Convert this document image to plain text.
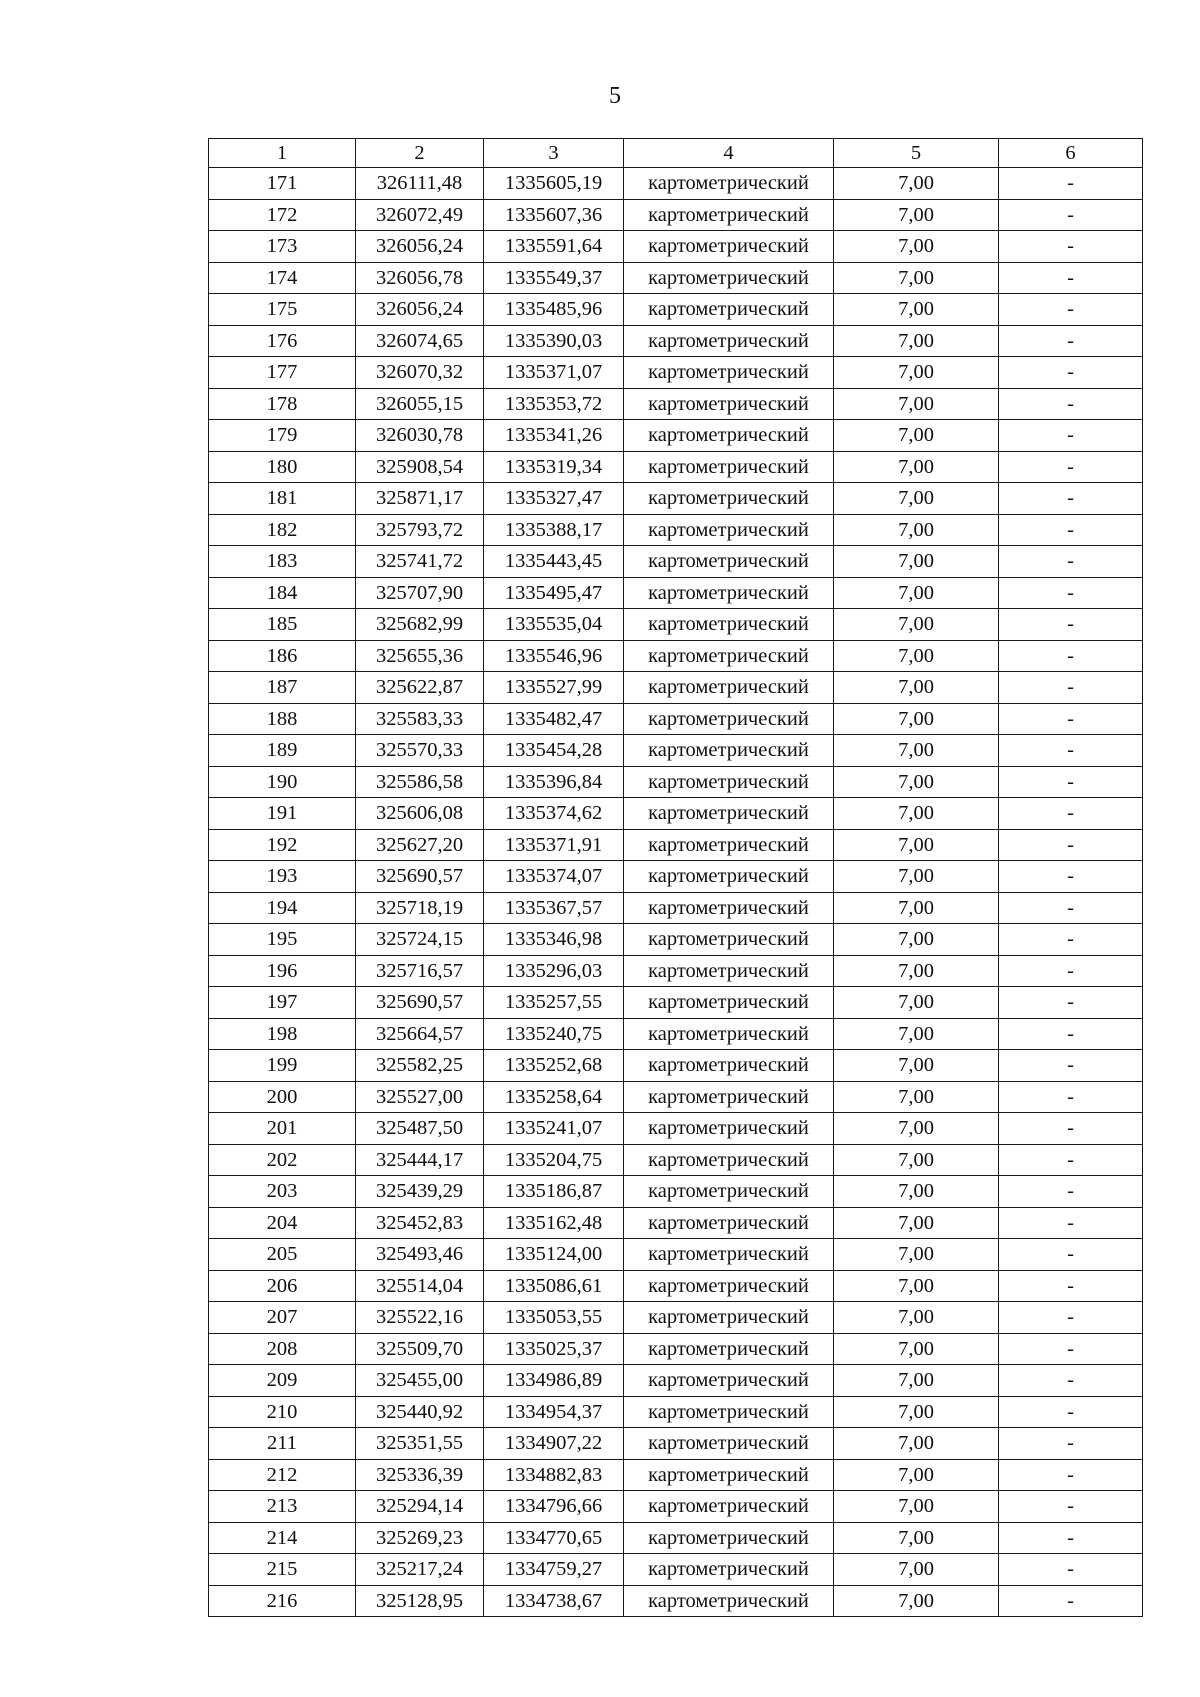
5
1	2	3	4	5	6
171	326111,48	1335605,19	картометрический	7,00	-
172	326072,49	1335607,36	картометрический	7,00	-
173	326056,24	1335591,64	картометрический	7,00	-
174	326056,78	1335549,37	картометрический	7,00	-
175	326056,24	1335485,96	картометрический	7,00	-
176	326074,65	1335390,03	картометрический	7,00	-
177	326070,32	1335371,07	картометрический	7,00	-
178	326055,15	1335353,72	картометрический	7,00	-
179	326030,78	1335341,26	картометрический	7,00	-
180	325908,54	1335319,34	картометрический	7,00	-
181	325871,17	1335327,47	картометрический	7,00	-
182	325793,72	1335388,17	картометрический	7,00	-
183	325741,72	1335443,45	картометрический	7,00	-
184	325707,90	1335495,47	картометрический	7,00	-
185	325682,99	1335535,04	картометрический	7,00	-
186	325655,36	1335546,96	картометрический	7,00	-
187	325622,87	1335527,99	картометрический	7,00	-
188	325583,33	1335482,47	картометрический	7,00	-
189	325570,33	1335454,28	картометрический	7,00	-
190	325586,58	1335396,84	картометрический	7,00	-
191	325606,08	1335374,62	картометрический	7,00	-
192	325627,20	1335371,91	картометрический	7,00	-
193	325690,57	1335374,07	картометрический	7,00	-
194	325718,19	1335367,57	картометрический	7,00	-
195	325724,15	1335346,98	картометрический	7,00	-
196	325716,57	1335296,03	картометрический	7,00	-
197	325690,57	1335257,55	картометрический	7,00	-
198	325664,57	1335240,75	картометрический	7,00	-
199	325582,25	1335252,68	картометрический	7,00	-
200	325527,00	1335258,64	картометрический	7,00	-
201	325487,50	1335241,07	картометрический	7,00	-
202	325444,17	1335204,75	картометрический	7,00	-
203	325439,29	1335186,87	картометрический	7,00	-
204	325452,83	1335162,48	картометрический	7,00	-
205	325493,46	1335124,00	картометрический	7,00	-
206	325514,04	1335086,61	картометрический	7,00	-
207	325522,16	1335053,55	картометрический	7,00	-
208	325509,70	1335025,37	картометрический	7,00	-
209	325455,00	1334986,89	картометрический	7,00	-
210	325440,92	1334954,37	картометрический	7,00	-
211	325351,55	1334907,22	картометрический	7,00	-
212	325336,39	1334882,83	картометрический	7,00	-
213	325294,14	1334796,66	картометрический	7,00	-
214	325269,23	1334770,65	картометрический	7,00	-
215	325217,24	1334759,27	картометрический	7,00	-
216	325128,95	1334738,67	картометрический	7,00	-
